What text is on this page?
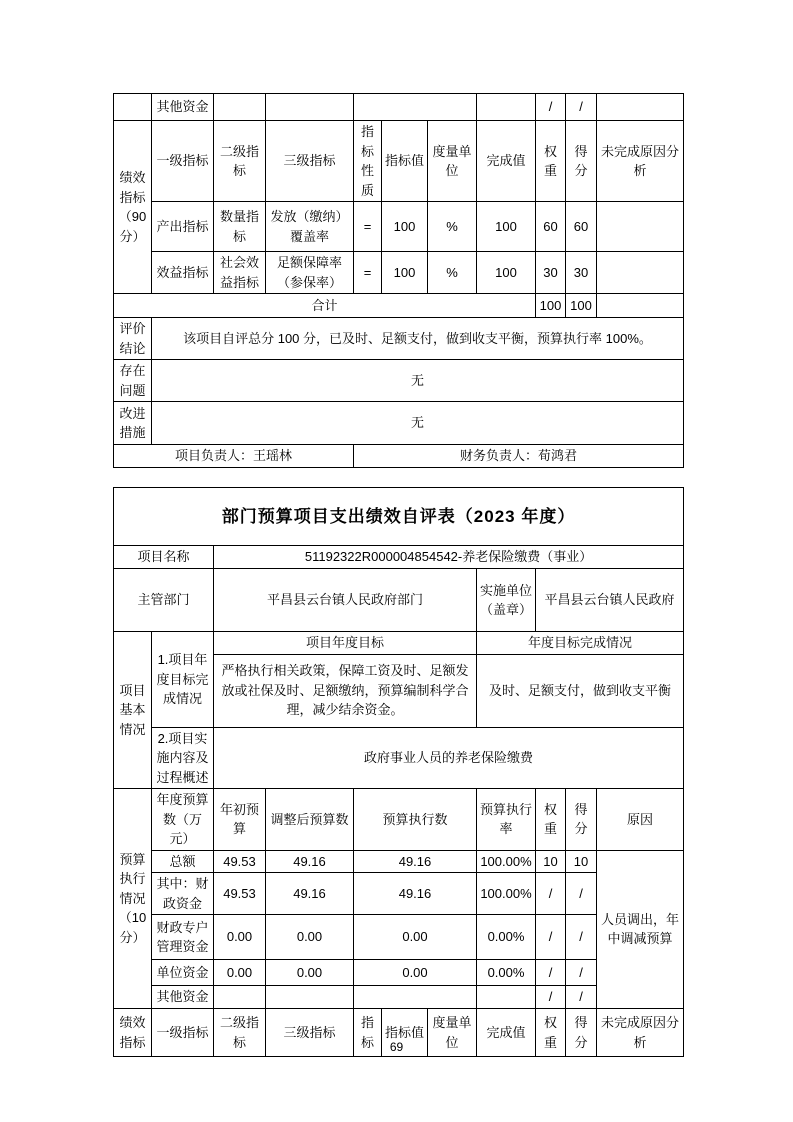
	其他资金							/	/	
绩效指标（90分）	一级指标	二级指标	三级指标	指标性质	指标值	度量单位	完成值	权重	得分	未完成原因分析
	产出指标	数量指标	发放（缴纳）覆盖率	=	100	%	100	60	60	
	效益指标	社会效益指标	足额保障率（参保率）	=	100	%	100	30	30	
合计								100	100	
评价结论	该项目自评总分 100 分，已及时、足额支付，做到收支平衡，预算执行率 100%。									
存在问题	无									
改进措施	无									
项目负责人：王瑶林				财务负责人：荀鸿君						
部门预算项目支出绩效自评表（2023 年度）										
项目名称		51192322R000004854542-养老保险缴费（事业）								
主管部门		平昌县云台镇人民政府部门					实施单位（盖章）	平昌县云台镇人民政府		
项目基本情况	1.项目年度目标完成情况	项目年度目标					年度目标完成情况			
		严格执行相关政策，保障工资及时、足额发放或社保及时、足额缴纳，预算编制科学合理，减少结余资金。					及时、足额支付，做到收支平衡			
	2.项目实施内容及过程概述	政府事业人员的养老保险缴费								
预算执行情况（10分）	年度预算数（万元）	年初预算	调整后预算数	预算执行数			预算执行率	权重	得分	原因
	总额	49.53	49.16	49.16			100.00%	10	10	人员调出，年中调减预算
	其中：财政资金	49.53	49.16	49.16			100.00%	/	/	
	财政专户管理资金	0.00	0.00	0.00			0.00%	/	/	
	单位资金	0.00	0.00	0.00			0.00%	/	/	
	其他资金							/	/	
绩效指标	一级指标	二级指标	三级指标	指标	指标值	度量单位	完成值	权重	得分	未完成原因分析
69
